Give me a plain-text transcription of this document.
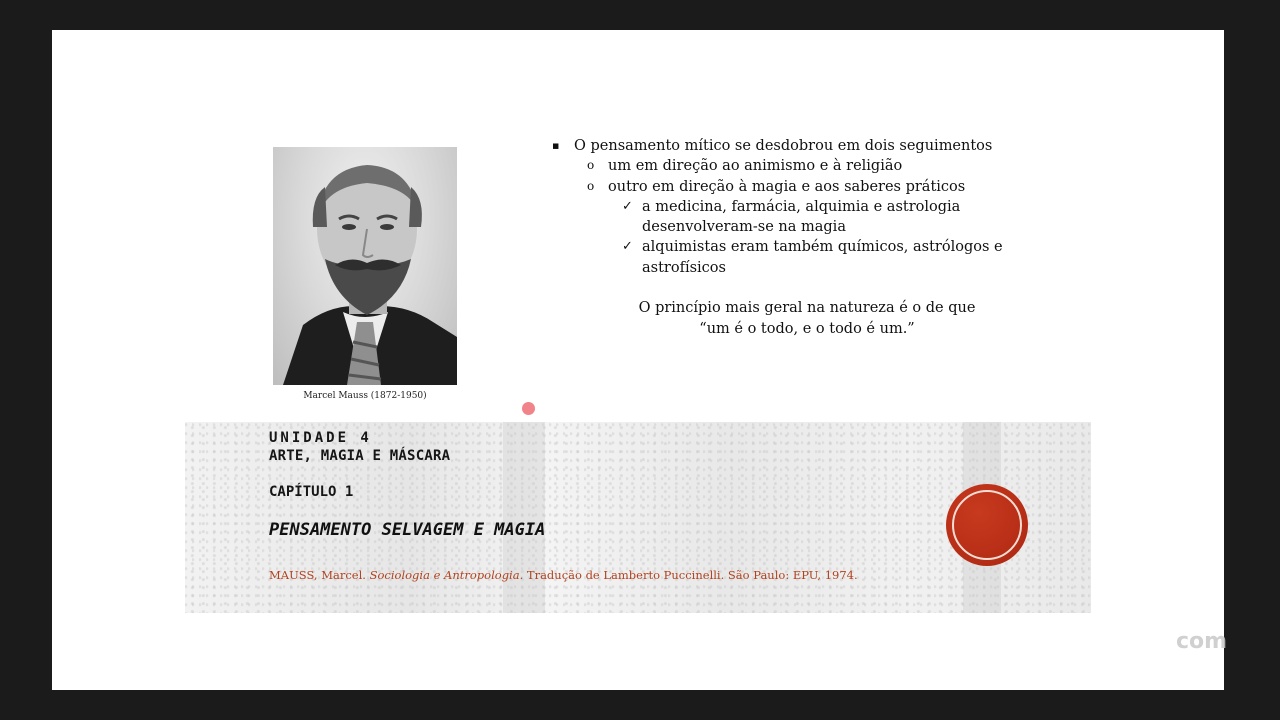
Marcel Mauss (1872-1950)
▪ O pensamento mítico se desdobrou em dois seguimentos
o um em direção ao animismo e à religião
o outro em direção à magia e aos saberes práticos
✓ a medicina, farmácia, alquimia e astrologia desenvolveram-se na magia
✓ alquimistas eram também químicos, astrólogos e astrofísicos
O princípio mais geral na natureza é o de que
“um é o todo, e o todo é um.”
UNIDADE 4
ARTE, MAGIA E MÁSCARA
CAPÍTULO 1
PENSAMENTO SELVAGEM E MAGIA
MAUSS, Marcel. Sociologia e Antropologia. Tradução de Lamberto Puccinelli. São Paulo: EPU, 1974.
com
